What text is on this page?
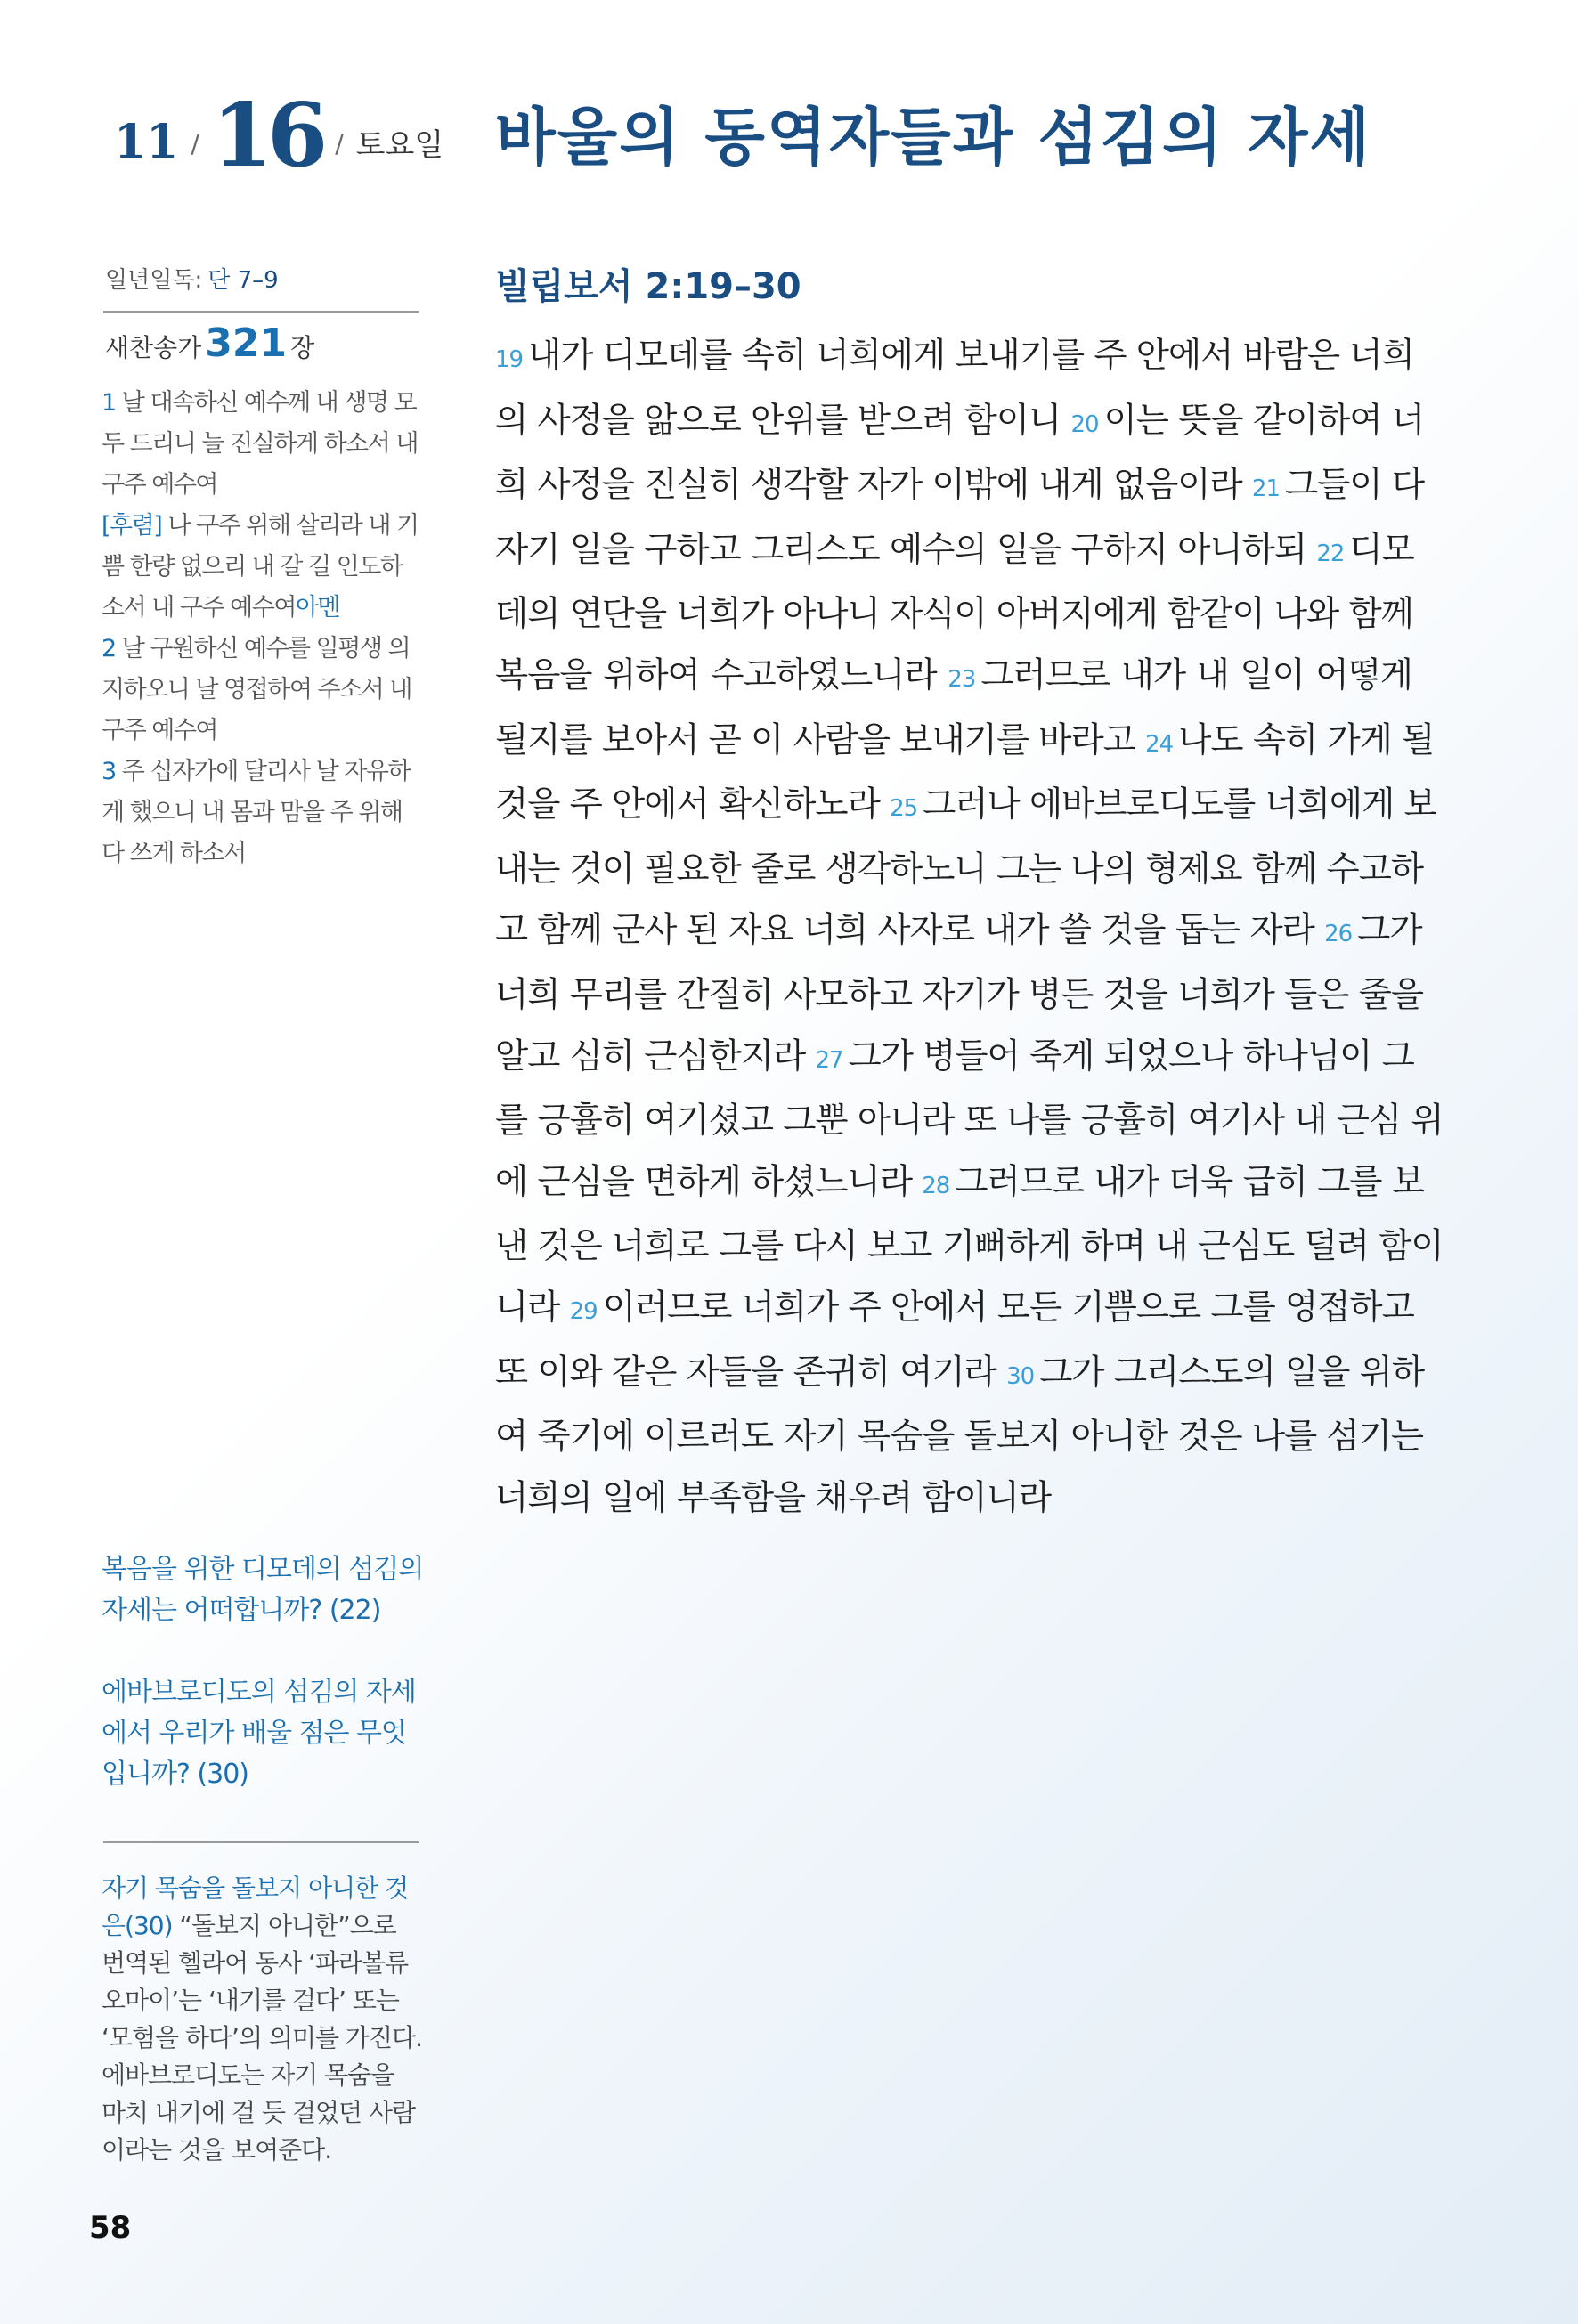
11 / 16 / 토요일 바울의 동역자들과 섬김의 자세
일년일독: 단 7–9
새찬송가321 장

1 날 대속하신 예수께 내 생명 모두 드리니 늘 진실하게 하소서 내 구주 예수여

[후렴] 나 구주 위해 살리라 내 기쁨 한량 없으리 내 갈 길 인도하소서 내 구주 예수여아멘

2 날 구원하신 예수를 일평생 의지하오니 날 영접하여 주소서 내 구주 예수여

3 주 십자가에 달리사 날 자유하게 했으니 내 몸과 맘을 주 위해 다 쓰게 하소서

복음을 위한 디모데의 섬김의 자세는 어떠합니까? (22)
에바브로디도의 섬김의 자세에서 우리가 배울 점은 무엇입니까? (30)
자기 목숨을 돌보지 아니한 것은(30) “돌보지 아니한”으로 번역된 헬라어 동사 ‘파라볼류오마이’는 ‘내기를 걸다’ 또는 ‘모험을 하다’의 의미를 가진다. 에바브로디도는 자기 목숨을 마치 내기에 걸 듯 걸었던 사람이라는 것을 보여준다.
58
빌립보서 2:19–30
19 내가 디모데를 속히 너희에게 보내기를 주 안에서 바람은 너희
의 사정을 앎으로 안위를 받으려 함이니 20 이는 뜻을 같이하여 너
희 사정을 진실히 생각할 자가 이밖에 내게 없음이라 21 그들이 다
자기 일을 구하고 그리스도 예수의 일을 구하지 아니하되 22 디모
데의 연단을 너희가 아나니 자식이 아버지에게 함같이 나와 함께
복음을 위하여 수고하였느니라 23 그러므로 내가 내 일이 어떻게
될지를 보아서 곧 이 사람을 보내기를 바라고 24 나도 속히 가게 될
것을 주 안에서 확신하노라 25 그러나 에바브로디도를 너희에게 보
내는 것이 필요한 줄로 생각하노니 그는 나의 형제요 함께 수고하
고 함께 군사 된 자요 너희 사자로 내가 쓸 것을 돕는 자라 26 그가
너희 무리를 간절히 사모하고 자기가 병든 것을 너희가 들은 줄을
알고 심히 근심한지라 27 그가 병들어 죽게 되었으나 하나님이 그
를 긍휼히 여기셨고 그뿐 아니라 또 나를 긍휼히 여기사 내 근심 위
에 근심을 면하게 하셨느니라 28 그러므로 내가 더욱 급히 그를 보
낸 것은 너희로 그를 다시 보고 기뻐하게 하며 내 근심도 덜려 함이
니라 29 이러므로 너희가 주 안에서 모든 기쁨으로 그를 영접하고
또 이와 같은 자들을 존귀히 여기라 30 그가 그리스도의 일을 위하
여 죽기에 이르러도 자기 목숨을 돌보지 아니한 것은 나를 섬기는
너희의 일에 부족함을 채우려 함이니라
